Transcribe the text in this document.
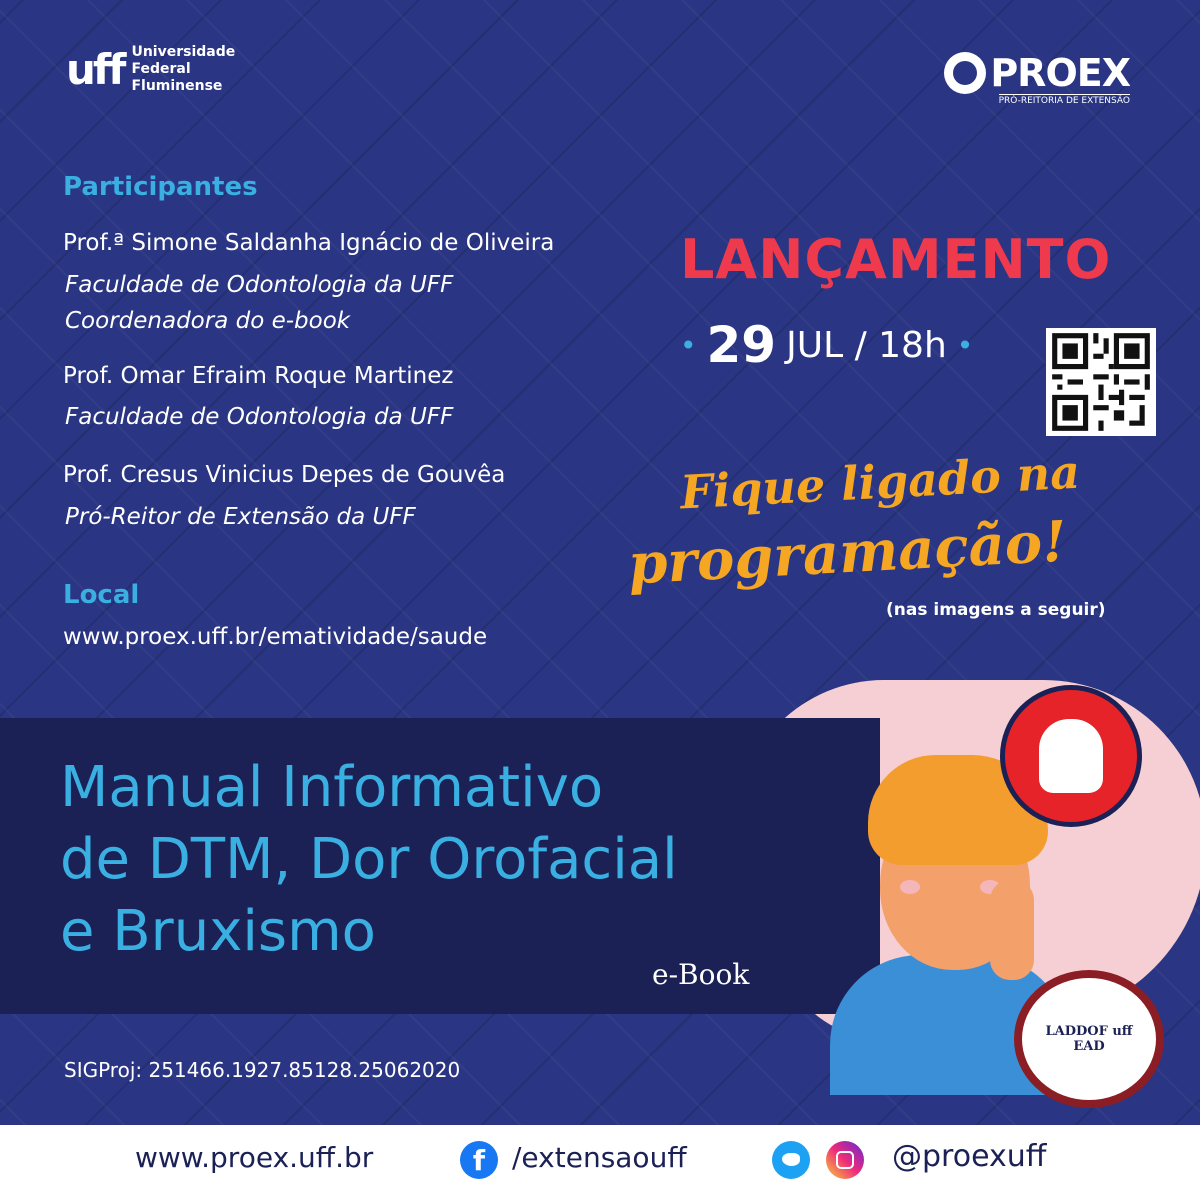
uff Universidade
Federal
Fluminense	PROEX
PRÓ-REITORIA DE EXTENSÃO
Participantes
Prof.ª Simone Saldanha Ignácio de Oliveira
Faculdade de Odontologia da UFF
Coordenadora do e-book
Prof. Omar Efraim Roque Martinez
Faculdade de Odontologia da UFF
Prof. Cresus Vinicius Depes de Gouvêa
Pró-Reitor de Extensão da UFF
Local
www.proex.uff.br/ematividade/saude
LANÇAMENTO
• 29 JUL / 18h •
Fique ligado na
programação!
(nas imagens a seguir)
Manual Informativo
de DTM, Dor Orofacial
e Bruxismo
e-Book
LADDOF uff
EAD
SIGProj: 251466.1927.85128.25062020
www.proex.uff.br	f /extensaouff	@proexuff
